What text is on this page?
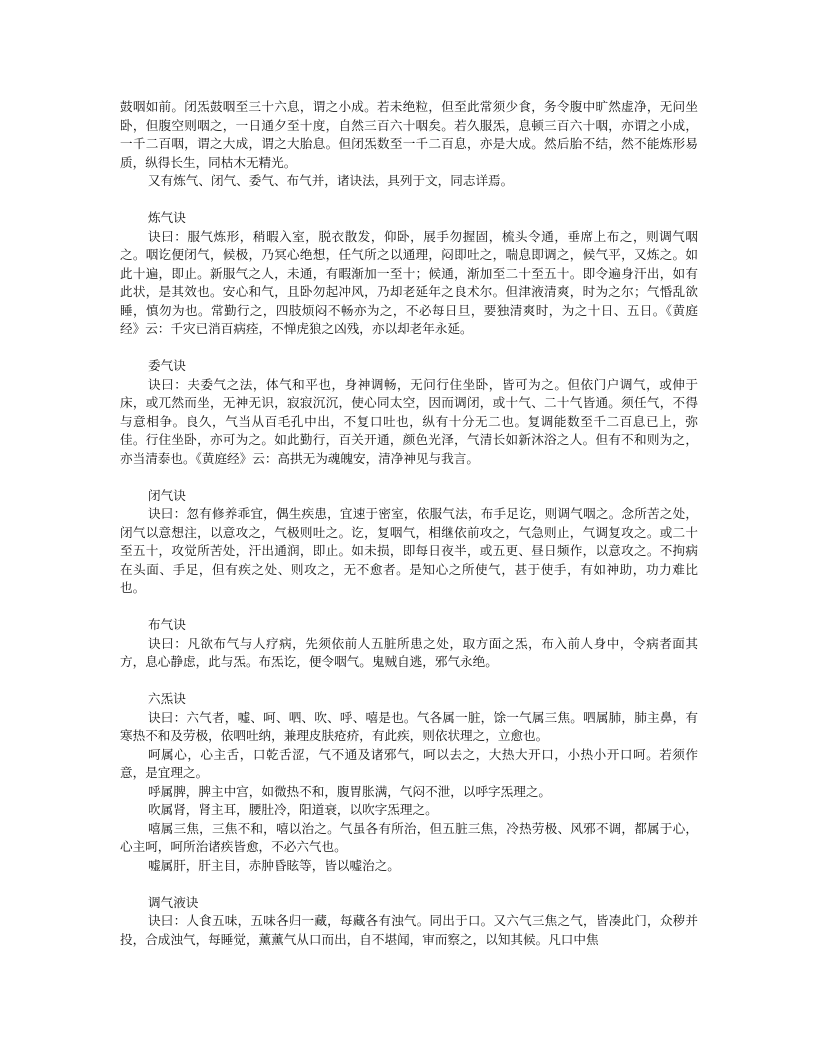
鼓咽如前。闭炁鼓咽至三十六息，谓之小成。若未绝粒，但至此常须少食，务令腹中旷然虚净，无问坐卧，但腹空则咽之，一日通夕至十度，自然三百六十咽矣。若久服炁，息顿三百六十咽，亦谓之小成，一千二百咽，谓之大成，谓之大胎息。但闭炁数至一千二百息，亦是大成。然后胎不结，然不能炼形易质，纵得长生，同枯木无精光。

又有炼气、闭气、委气、布气并，诸诀法，具列于文，同志详焉。

炼气诀

诀曰：服气炼形，稍暇入室，脱衣散发，仰卧，展手勿握固，梳头令通，垂席上布之，则调气咽之。咽讫便闭气，候极，乃冥心绝想，任气所之以通理，闷即吐之，喘息即调之，候气平，又炼之。如此十遍，即止。新服气之人，未通，有暇渐加一至十；候通，渐加至二十至五十。即令遍身汗出，如有此状，是其效也。安心和气，且卧勿起冲风，乃却老延年之良术尔。但津液清爽，时为之尔；气惛乱欲睡，慎勿为也。常勤行之，四肢烦闷不畅亦为之，不必每日旦，要独清爽时，为之十日、五日。《黄庭经》云：千灾已消百病痊，不惮虎狼之凶残，亦以却老年永延。

委气诀

诀曰：夫委气之法，体气和平也，身神调畅，无问行住坐卧，皆可为之。但依门户调气，或伸于床，或兀然而坐，无神无识，寂寂沉沉，使心同太空，因而调闭，或十气、二十气皆通。须任气，不得与意相争。良久，气当从百毛孔中出，不复口吐也，纵有十分无二也。复调能数至千二百息已上，弥佳。行住坐卧，亦可为之。如此勤行，百关开通，颜色光泽，气清长如新沐浴之人。但有不和则为之，亦当清泰也。《黄庭经》云：高拱无为魂魄安，清净神见与我言。

闭气诀

诀曰：忽有修养乖宜，偶生疾患，宜速于密室，依服气法，布手足讫，则调气咽之。念所苦之处，闭气以意想注，以意攻之，气极则吐之。讫，复咽气，相继依前攻之，气急则止，气调复攻之。或二十至五十，攻觉所苦处，汗出通润，即止。如未损，即每日夜半，或五更、昼日频作，以意攻之。不拘病在头面、手足，但有疾之处、则攻之，无不愈者。是知心之所使气，甚于使手，有如神助，功力难比也。

布气诀

诀曰：凡欲布气与人疗病，先须依前人五脏所患之处，取方面之炁，布入前人身中，令病者面其方，息心静虑，此与炁。布炁讫，便令咽气。鬼贼自逃，邪气永绝。

六炁诀

诀曰：六气者，嘘、呵、呬、吹、呼、嘻是也。气各属一脏，馀一气属三焦。呬属肺，肺主鼻，有寒热不和及劳极，依呬吐纳，兼理皮肤疮疥，有此疾，则依状理之，立愈也。

呵属心，心主舌，口乾舌涩，气不通及诸邪气，呵以去之，大热大开口，小热小开口呵。若须作意，是宜理之。

呼属脾，脾主中宫，如微热不和，腹胃胀满，气闷不泄，以呼字炁理之。

吹属肾，肾主耳，腰肚冷，阳道衰，以吹字炁理之。

嘻属三焦，三焦不和，嘻以治之。气虽各有所治，但五脏三焦，冷热劳极、风邪不调，都属于心，心主呵，呵所治诸疾皆愈，不必六气也。

嘘属肝，肝主目，赤肿昏眩等，皆以嘘治之。

调气液诀

诀曰：人食五味，五味各归一藏，每藏各有浊气。同出于口。又六气三焦之气，皆凑此门，众秽并投，合成浊气，每睡觉，薰薰气从口而出，自不堪闻，审而察之，以知其候。凡口中焦
